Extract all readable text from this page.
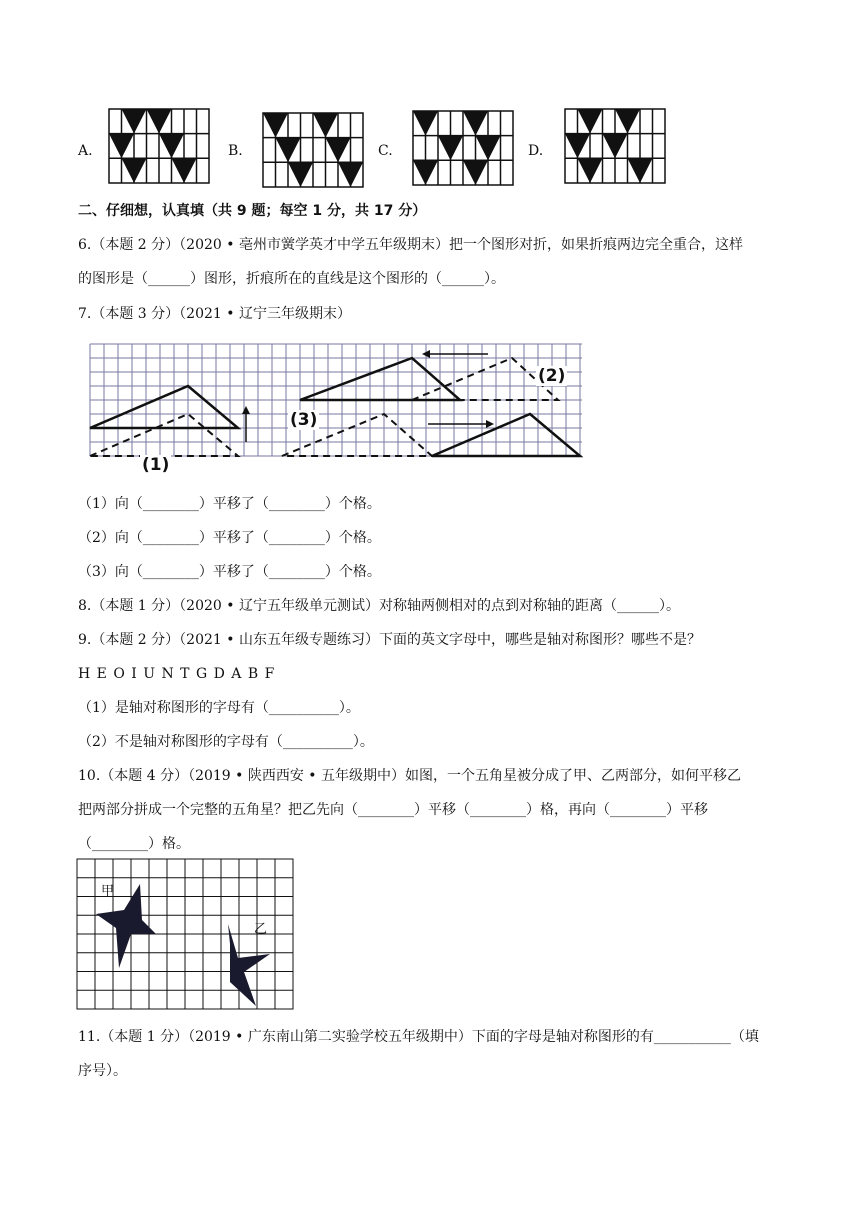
A.	B.	C.	D.
二、仔细想，认真填（共 9 题；每空 1 分，共 17 分）
6.（本题 2 分）（2020 • 亳州市黉学英才中学五年级期末）把一个图形对折，如果折痕两边完全重合，这样
的图形是（______）图形，折痕所在的直线是这个图形的（______）。
7.（本题 3 分）（2021 • 辽宁三年级期末）
(1)
(2)
(3)
（1）向（________）平移了（________）个格。
（2）向（________）平移了（________）个格。
（3）向（________）平移了（________）个格。
8.（本题 1 分）（2020 • 辽宁五年级单元测试）对称轴两侧相对的点到对称轴的距离（______）。
9.（本题 2 分）（2021 • 山东五年级专题练习）下面的英文字母中，哪些是轴对称图形？哪些不是？
H E O I U N T G D A B F
（1）是轴对称图形的字母有（__________）。
（2）不是轴对称图形的字母有（__________）。
10.（本题 4 分）（2019 • 陕西西安 • 五年级期中）如图，一个五角星被分成了甲、乙两部分，如何平移乙
把两部分拼成一个完整的五角星？把乙先向（________）平移（________）格，再向（________）平移
（________）格。
甲
乙
11.（本题 1 分）（2019 • 广东南山第二实验学校五年级期中）下面的字母是轴对称图形的有___________（填
序号）。
